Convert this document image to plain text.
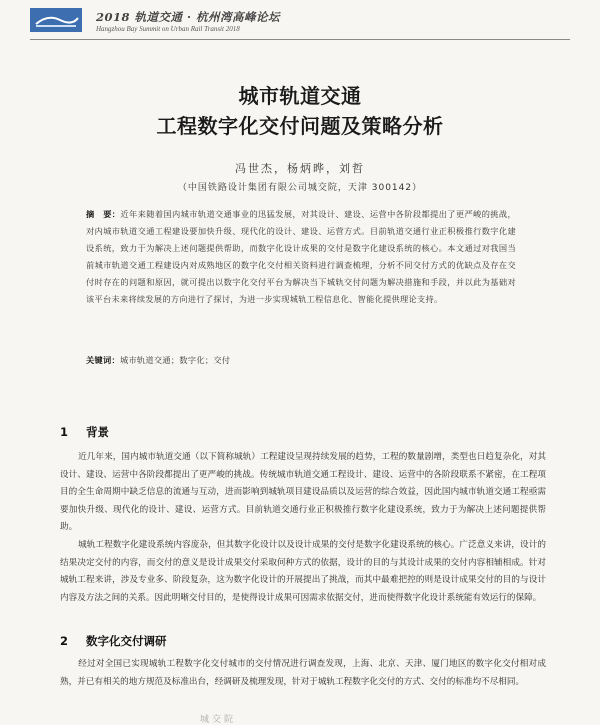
2018 轨道交通 · 杭州湾高峰论坛
Hangzhou Bay Summit on Urban Rail Transit 2018
城市轨道交通
工程数字化交付问题及策略分析
冯世杰，杨炳晔，刘哲
（中国铁路设计集团有限公司城交院，天津 300142）
摘　要：近年来随着国内城市轨道交通事业的迅猛发展，对其设计、建设、运营中各阶段都提出了更严峻的挑战，对内城市轨道交通工程建设要加快升级、现代化的设计、建设、运营方式。目前轨道交通行业正积极推行数字化建设系统，致力于为解决上述问题提供帮助，而数字化设计成果的交付是数字化建设系统的核心。本文通过对我国当前城市轨道交通工程建设内对成熟地区的数字化交付相关资料进行调查梳理，分析不同交付方式的优缺点及存在交付时存在的问题和原因，就可提出以数字化交付平台为解决当下城轨交付问题为解决措施和手段，并以此为基础对该平台未来将续发展的方向进行了探讨，为进一步实现城轨工程信息化、智能化提供理论支持。
关键词：城市轨道交通；数字化；交付
1 背景
近几年来，国内城市轨道交通（以下简称城轨）工程建设呈现持续发展的趋势，工程的数量剧增，类型也日趋复杂化，对其设计、建设、运营中各阶段都提出了更严峻的挑战。传统城市轨道交通工程设计、建设、运营中的各阶段联系不紧密，在工程项目的全生命周期中缺乏信息的流通与互动，进而影响到城轨项目建设品质以及运营的综合效益，因此国内城市轨道交通工程亟需要加快升级、现代化的设计、建设、运营方式。目前轨道交通行业正积极推行数字化建设系统，致力于为解决上述问题提供帮助。
城轨工程数字化建设系统内容庞杂，但其数字化设计以及设计成果的交付是数字化建设系统的核心。广泛意义来讲，设计的结果决定交付的内容，而交付的意义是设计成果交付采取何种方式的依据，设计的目的与其设计成果的交付内容相辅相成。针对城轨工程来讲，涉及专业多、阶段复杂，这为数字化设计的开展提出了挑战，而其中最难把控的则是设计成果交付的目的与设计内容及方法之间的关系。因此明晰交付目的，是使得设计成果可因需求依据交付，进而使得数字化设计系统能有效运行的保障。
2 数字化交付调研
经过对全国已实现城轨工程数字化交付城市的交付情况进行调查发现，上海、北京、天津、厦门地区的数字化交付相对成熟，并已有相关的地方规范及标准出台，经调研及梳理发现，针对于城轨工程数字化交付的方式、交付的标准均不尽相同。
城交院
